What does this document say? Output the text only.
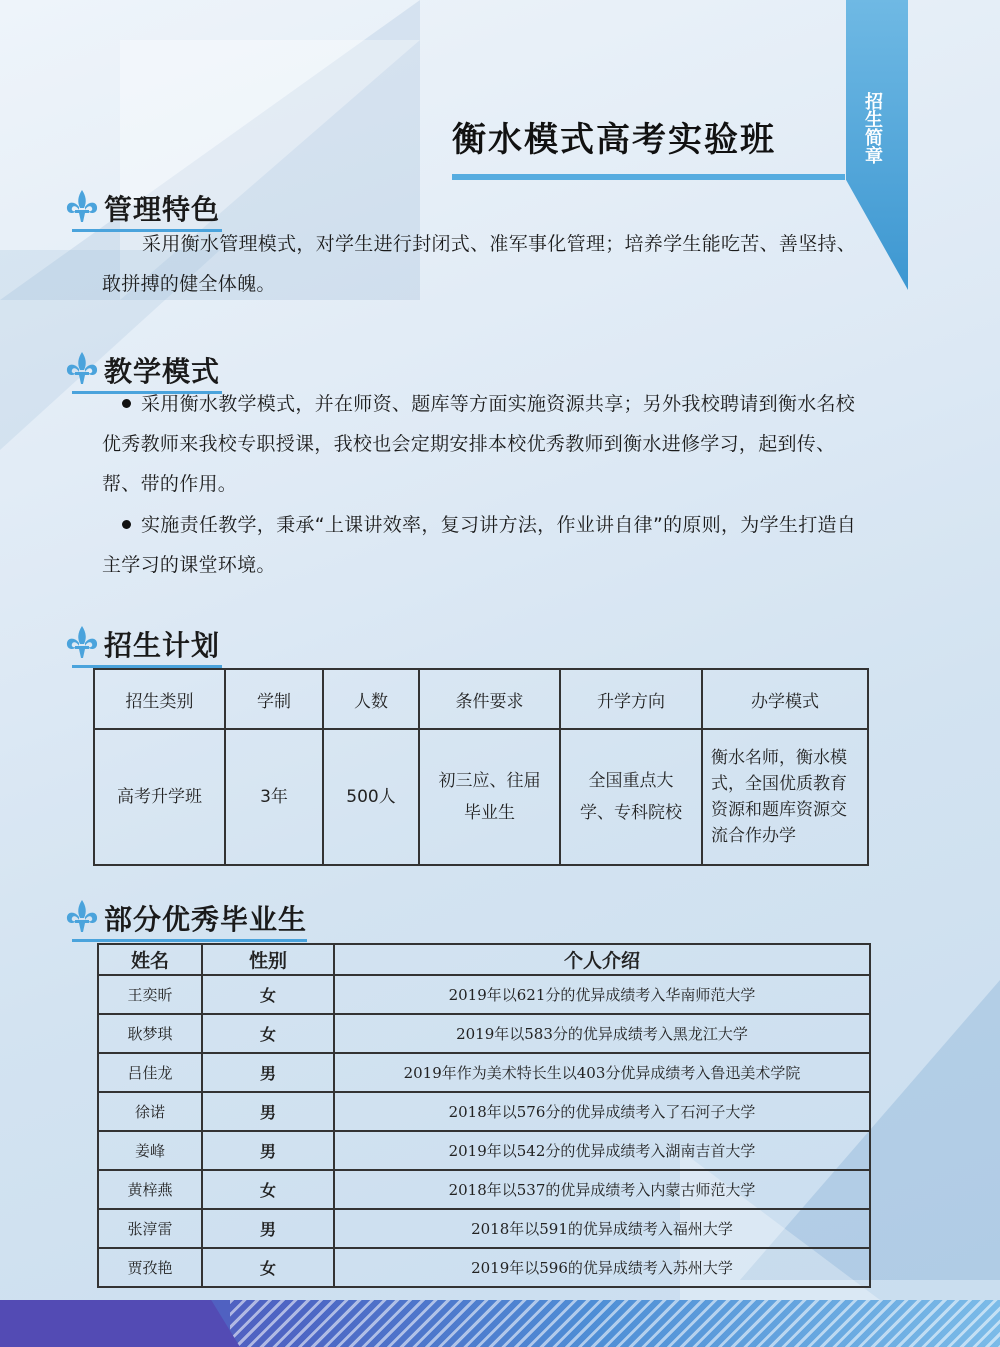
招生简章
衡水模式高考实验班
管理特色
采用衡水管理模式，对学生进行封闭式、准军事化管理；培养学生能吃苦、善坚持、敢拼搏的健全体魄。
教学模式
采用衡水教学模式，并在师资、题库等方面实施资源共享；另外我校聘请到衡水名校优秀教师来我校专职授课，我校也会定期安排本校优秀教师到衡水进修学习，起到传、帮、带的作用。
实施责任教学，秉承“上课讲效率，复习讲方法，作业讲自律”的原则，为学生打造自主学习的课堂环境。
招生计划
招生类别	学制	人数	条件要求	升学方向	办学模式
高考升学班	3年	500人	初三应、往届毕业生	全国重点大学、专科院校	衡水名师，衡水模式，全国优质教育资源和题库资源交流合作办学
部分优秀毕业生
姓名	性别	个人介绍
王奕昕	女	2019年以621分的优异成绩考入华南师范大学
耿梦琪	女	2019年以583分的优异成绩考入黑龙江大学
吕佳龙	男	2019年作为美术特长生以403分优异成绩考入鲁迅美术学院
徐诺	男	2018年以576分的优异成绩考入了石河子大学
姜峰	男	2019年以542分的优异成绩考入湖南吉首大学
黄梓燕	女	2018年以537的优异成绩考入内蒙古师范大学
张淳雷	男	2018年以591的优异成绩考入福州大学
贾孜艳	女	2019年以596的优异成绩考入苏州大学
